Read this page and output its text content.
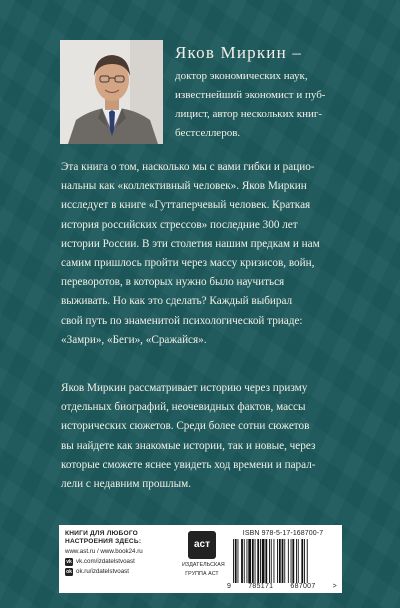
Яков Миркин –
доктор экономических наук,
известнейший экономист и пуб-
лицист, автор нескольких книг-
бестселлеров.
Эта книга о том, насколько мы с вами гибки и рацио-
нальны как «коллективный человек». Яков Миркин
исследует в книге «Гуттаперчевый человек. Краткая
история российских стрессов» последние 300 лет
истории России. В эти столетия нашим предкам и нам
самим пришлось пройти через массу кризисов, войн,
переворотов, в которых нужно было научиться
выживать. Но как это сделать? Каждый выбирал
свой путь по знаменитой психологической триаде:
«Замри», «Беги», «Сражайся».
Яков Миркин рассматривает историю через призму
отдельных биографий, неочевидных фактов, массы
исторических сюжетов. Среди более сотни сюжетов
вы найдете как знакомые истории, так и новые, через
которые сможете яснее увидеть ход времени и парал-
лели с недавним прошлым.
КНИГИ ДЛЯ ЛЮБОГО
НАСТРОЕНИЯ ЗДЕСЬ:
www.ast.ru / www.book24.ru
vk vk.com/izdatelstvoast
ok ok.ru/izdatelstvoast
аст
ИЗДАТЕЛЬСКАЯ
ГРУППА АСТ
ISBN 978-5-17-168700-7
9 785171 687007 >
